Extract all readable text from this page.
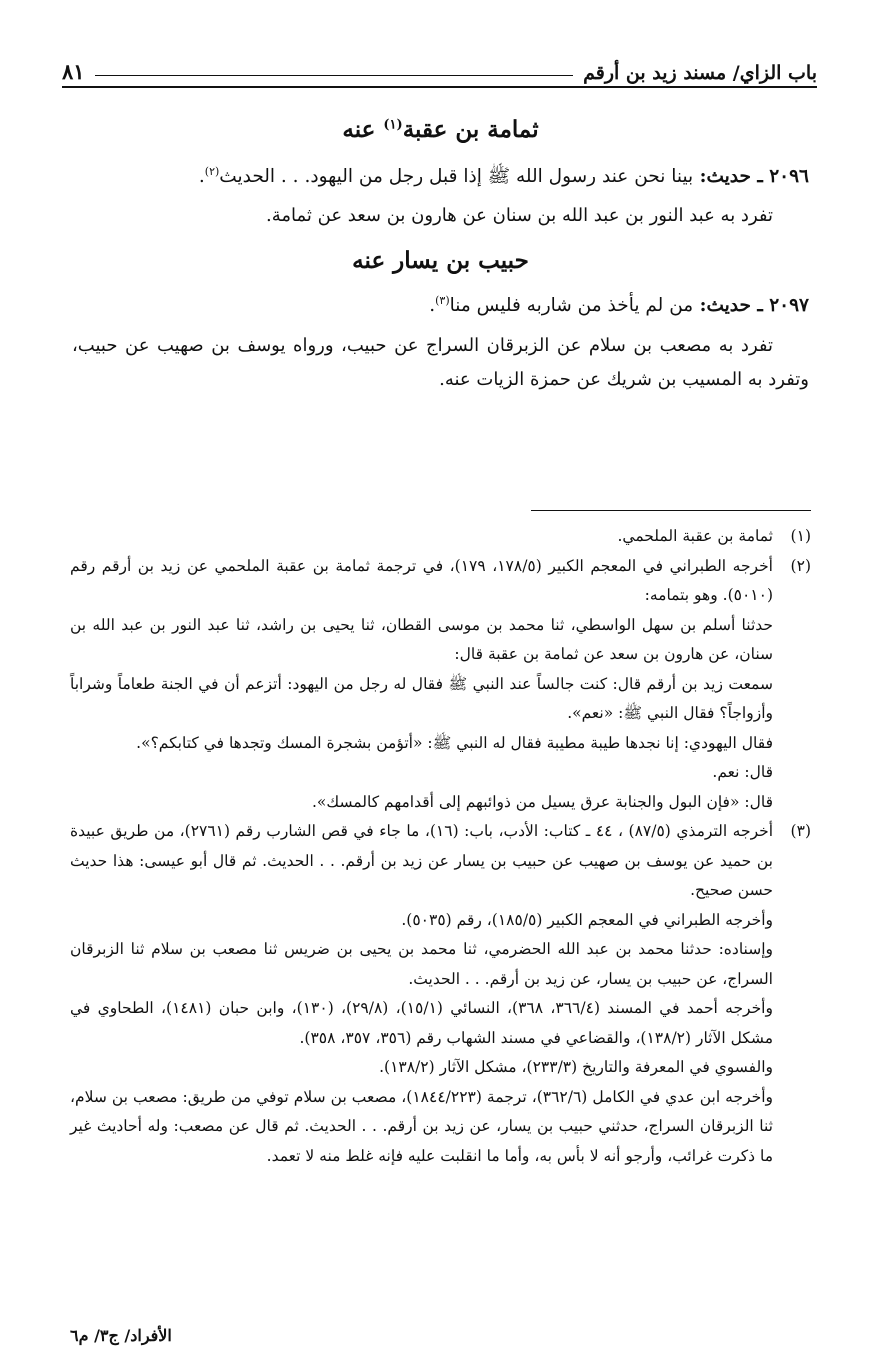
باب الزاي/ مسند زيد بن أرقم
٨١
ثمامة بن عقبة$^{(١)}$ عنه

٢٠٩٦ ـ حديث: بينا نحن عند رسول الله ﷺ إذا قبل رجل من اليهود. . . الحديث$^{(٢)}$.

تفرد به عبد النور بن عبد الله بن سنان عن هارون بن سعد عن ثمامة.

حبيب بن يسار عنه

٢٠٩٧ ـ حديث: من لم يأخذ من شاربه فليس منا$^{(٣)}$.

تفرد به مصعب بن سلام عن الزبرقان السراج عن حبيب، ورواه يوسف بن صهيب عن حبيب، وتفرد به المسيب بن شريك عن حمزة الزيات عنه.

(١)

ثمامة بن عقبة الملحمي.

(٢)

أخرجه الطبراني في المعجم الكبير (١٧٨/٥، ١٧٩)، في ترجمة ثمامة بن عقبة الملحمي عن زيد بن أرقم رقم (٥٠١٠). وهو بتمامه:

حدثنا أسلم بن سهل الواسطي، ثنا محمد بن موسى القطان، ثنا يحيى بن راشد، ثنا عبد النور بن عبد الله بن سنان، عن هارون بن سعد عن ثمامة بن عقبة قال:

سمعت زيد بن أرقم قال: كنت جالساً عند النبي ﷺ فقال له رجل من اليهود: أتزعم أن في الجنة طعاماً وشراباً وأزواجاً؟ فقال النبي ﷺ: «نعم».

فقال اليهودي: إنا نجدها طيبة مطيبة فقال له النبي ﷺ: «أتؤمن بشجرة المسك وتجدها في كتابكم؟».

قال: نعم.

قال: «فإن البول والجنابة عرق يسيل من ذوائبهم إلى أقدامهم كالمسك».

(٣)

أخرجه الترمذي (٨٧/٥) ، ٤٤ ـ كتاب: الأدب، باب: (١٦)، ما جاء في قص الشارب رقم (٢٧٦١)، من طريق عبيدة بن حميد عن يوسف بن صهيب عن حبيب بن يسار عن زيد بن أرقم. . . الحديث. ثم قال أبو عيسى: هذا حديث حسن صحيح.

وأخرجه الطبراني في المعجم الكبير (١٨٥/٥)، رقم (٥٠٣٥).

وإسناده: حدثنا محمد بن عبد الله الحضرمي، ثنا محمد بن يحيى بن ضريس ثنا مصعب بن سلام ثنا الزبرقان السراج، عن حبيب بن يسار، عن زيد بن أرقم. . . الحديث.

وأخرجه أحمد في المسند (٣٦٦/٤، ٣٦٨)، النسائي (١٥/١)، (٢٩/٨)، (١٣٠)، وابن حبان (١٤٨١)، الطحاوي في مشكل الآثار (١٣٨/٢)، والقضاعي في مسند الشهاب رقم (٣٥٦، ٣٥٧، ٣٥٨).

والفسوي في المعرفة والتاريخ (٢٣٣/٣)، مشكل الآثار (١٣٨/٢).

وأخرجه ابن عدي في الكامل (٣٦٢/٦)، ترجمة (١٨٤٤/٢٢٣)، مصعب بن سلام توفي من طريق: مصعب بن سلام، ثنا الزبرقان السراج، حدثني حبيب بن يسار، عن زيد بن أرقم. . . الحديث. ثم قال عن مصعب: وله أحاديث غير ما ذكرت غرائب، وأرجو أنه لا بأس به، وأما ما انقلبت عليه فإنه غلط منه لا تعمد.

الأفراد/ ج٣/ م٦
